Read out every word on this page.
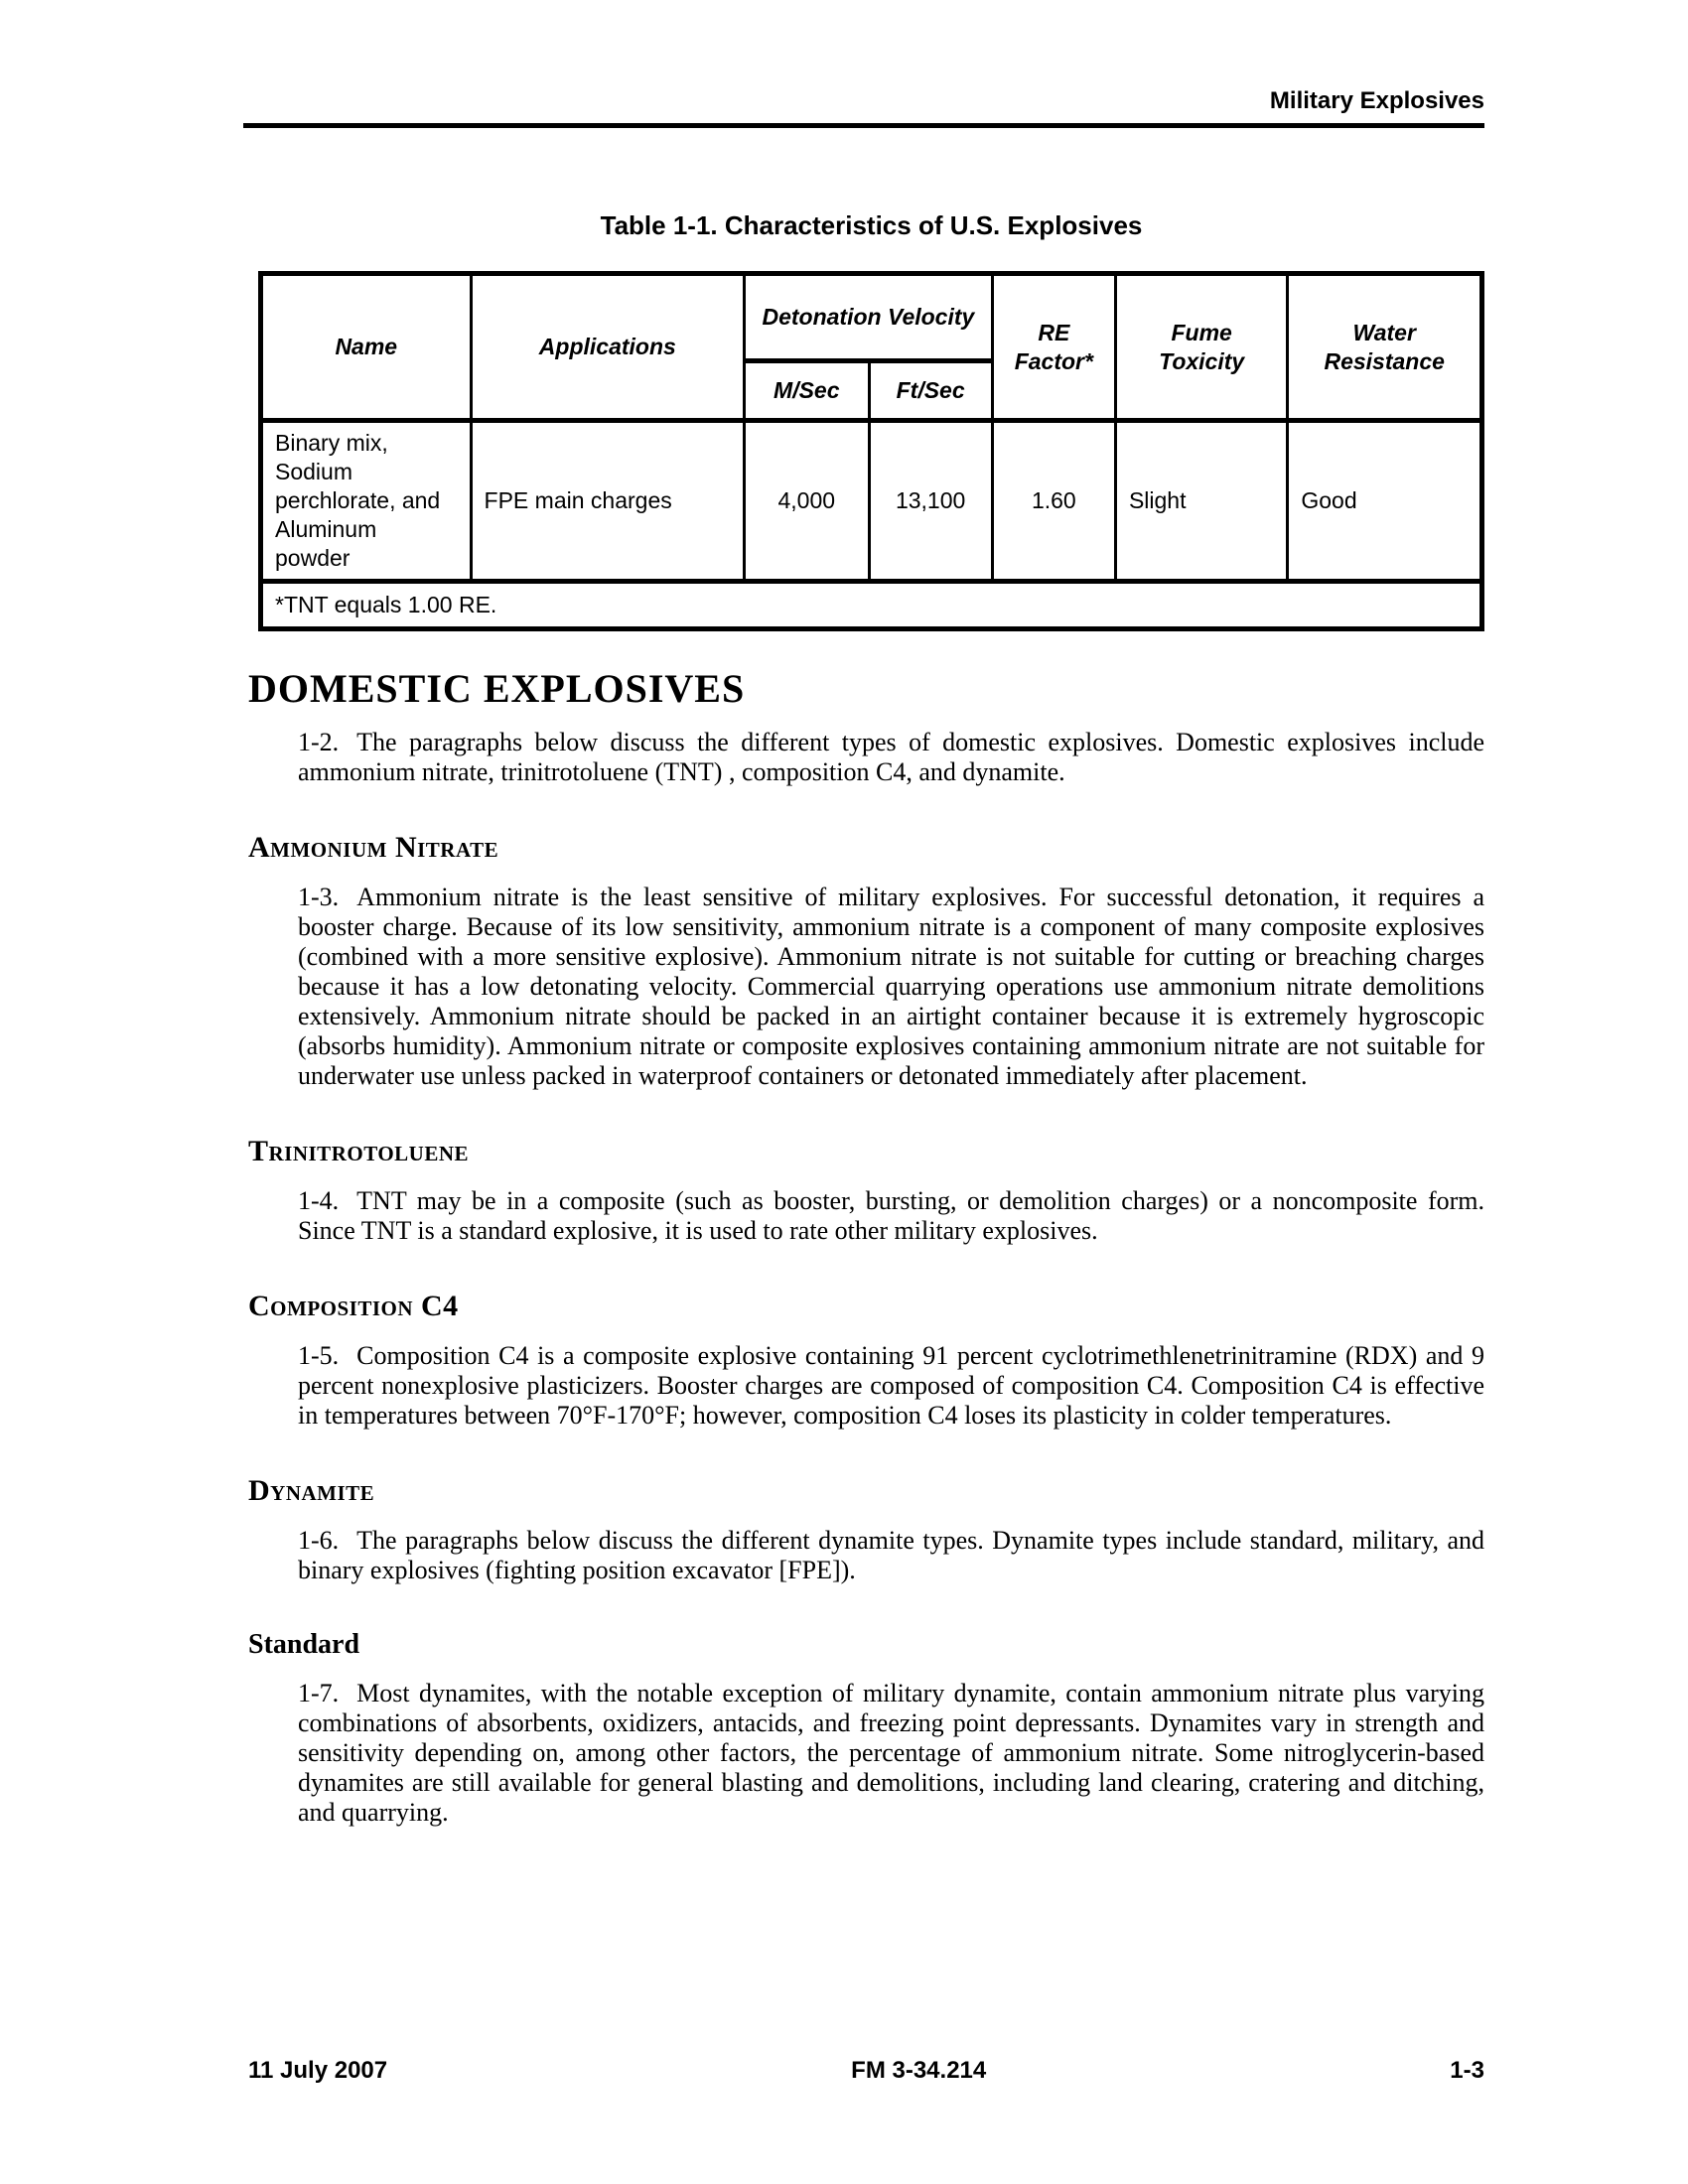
Military Explosives
Table 1-1. Characteristics of U.S. Explosives
Name	Applications	Detonation Velocity		RE Factor*	Fume Toxicity	Water Resistance
		M/Sec	Ft/Sec			
Binary mix, Sodium perchlorate, and Aluminum powder	FPE main charges	4,000	13,100	1.60	Slight	Good
*TNT equals 1.00 RE.						
DOMESTIC EXPLOSIVES

1-2. The paragraphs below discuss the different types of domestic explosives. Domestic explosives include ammonium nitrate, trinitrotoluene (TNT) , composition C4, and dynamite.

Ammonium Nitrate

1-3. Ammonium nitrate is the least sensitive of military explosives. For successful detonation, it requires a booster charge. Because of its low sensitivity, ammonium nitrate is a component of many composite explosives (combined with a more sensitive explosive). Ammonium nitrate is not suitable for cutting or breaching charges because it has a low detonating velocity. Commercial quarrying operations use ammonium nitrate demolitions extensively. Ammonium nitrate should be packed in an airtight container because it is extremely hygroscopic (absorbs humidity). Ammonium nitrate or composite explosives containing ammonium nitrate are not suitable for underwater use unless packed in waterproof containers or detonated immediately after placement.

Trinitrotoluene

1-4. TNT may be in a composite (such as booster, bursting, or demolition charges) or a noncomposite form. Since TNT is a standard explosive, it is used to rate other military explosives.

Composition C4

1-5. Composition C4 is a composite explosive containing 91 percent cyclotrimethlenetrinitramine (RDX) and 9 percent nonexplosive plasticizers. Booster charges are composed of composition C4. Composition C4 is effective in temperatures between 70°F-170°F; however, composition C4 loses its plasticity in colder temperatures.

Dynamite

1-6. The paragraphs below discuss the different dynamite types. Dynamite types include standard, military, and binary explosives (fighting position excavator [FPE]).

Standard

1-7. Most dynamites, with the notable exception of military dynamite, contain ammonium nitrate plus varying combinations of absorbents, oxidizers, antacids, and freezing point depressants. Dynamites vary in strength and sensitivity depending on, among other factors, the percentage of ammonium nitrate. Some nitroglycerin-based dynamites are still available for general blasting and demolitions, including land clearing, cratering and ditching, and quarrying.

11 July 2007	FM 3-34.214	1-3
